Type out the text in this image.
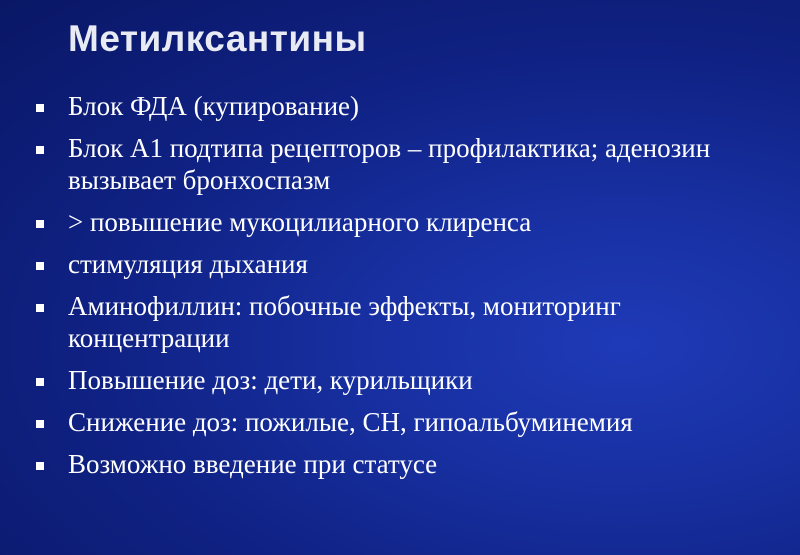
Метилксантины
Блок ФДА (купирование)
Блок А1 подтипа рецепторов – профилактика; аденозин вызывает бронхоспазм
> повышение мукоцилиарного клиренса
стимуляция дыхания
Аминофиллин: побочные эффекты, мониторинг концентрации
Повышение доз: дети, курильщики
Снижение доз: пожилые, СН, гипоальбуминемия
Возможно введение при статусе
